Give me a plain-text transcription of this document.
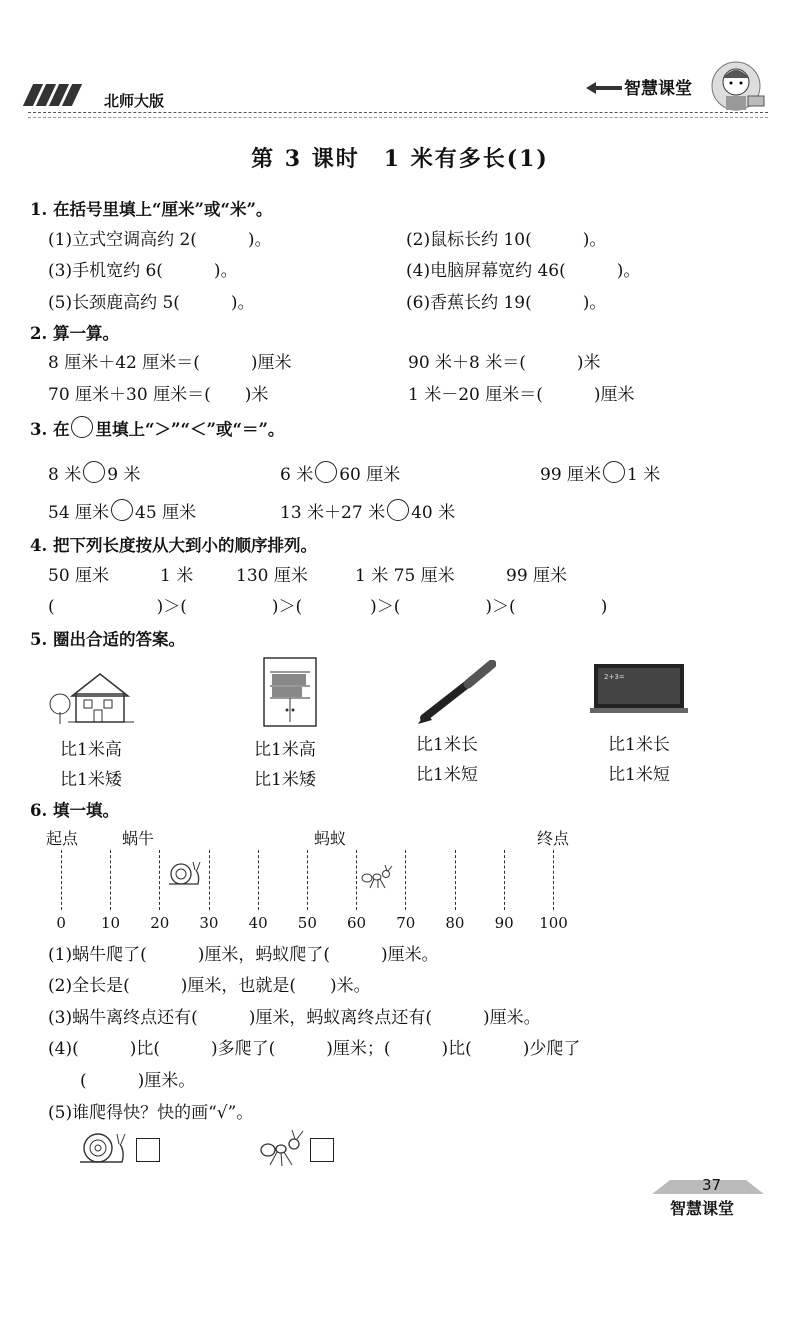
北师大版
智慧课堂
第 3 课时　1 米有多长(1)
1. 在括号里填上“厘米”或“米”。
(1)立式空调高约 2(　　　)。	(2)鼠标长约 10(　　　)。
(3)手机宽约 6(　　　)。	(4)电脑屏幕宽约 46(　　　)。
(5)长颈鹿高约 5(　　　)。	(6)香蕉长约 19(　　　)。
2. 算一算。
8 厘米＋42 厘米＝(　　　)厘米	90 米＋8 米＝(　　　)米
70 厘米＋30 厘米＝(　　)米	1 米－20 厘米＝(　　　)厘米
3. 在 里填上“＞”“＜”或“＝”。
8 米 9 米	6 米 60 厘米	99 厘米 1 米
54 厘米 45 厘米	13 米＋27 米 40 米
4. 把下列长度按从大到小的顺序排列。
50 厘米	1 米	130 厘米	1 米 75 厘米	99 厘米
(　　　　　　)＞(　　　　　)＞(　　　　)＞(　　　　　)＞(　　　　　)
5. 圈出合适的答案。
2+3=
比1米高
比1米矮
比1米高
比1米矮
比1米长
比1米短
比1米长
比1米短
6. 填一填。
起点	蜗牛	蚂蚁	终点
0 10 20 30 40 50 60 70 80 90 100
(1)蜗牛爬了(　　　)厘米，蚂蚁爬了(　　　)厘米。
(2)全长是(　　　)厘米，也就是(　　)米。
(3)蜗牛离终点还有(　　　)厘米，蚂蚁离终点还有(　　　)厘米。
(4)(　　　)比(　　　)多爬了(　　　)厘米；(　　　)比(　　　)少爬了
(　　　)厘米。
(5)谁爬得快？快的画“√”。
37
智慧课堂
